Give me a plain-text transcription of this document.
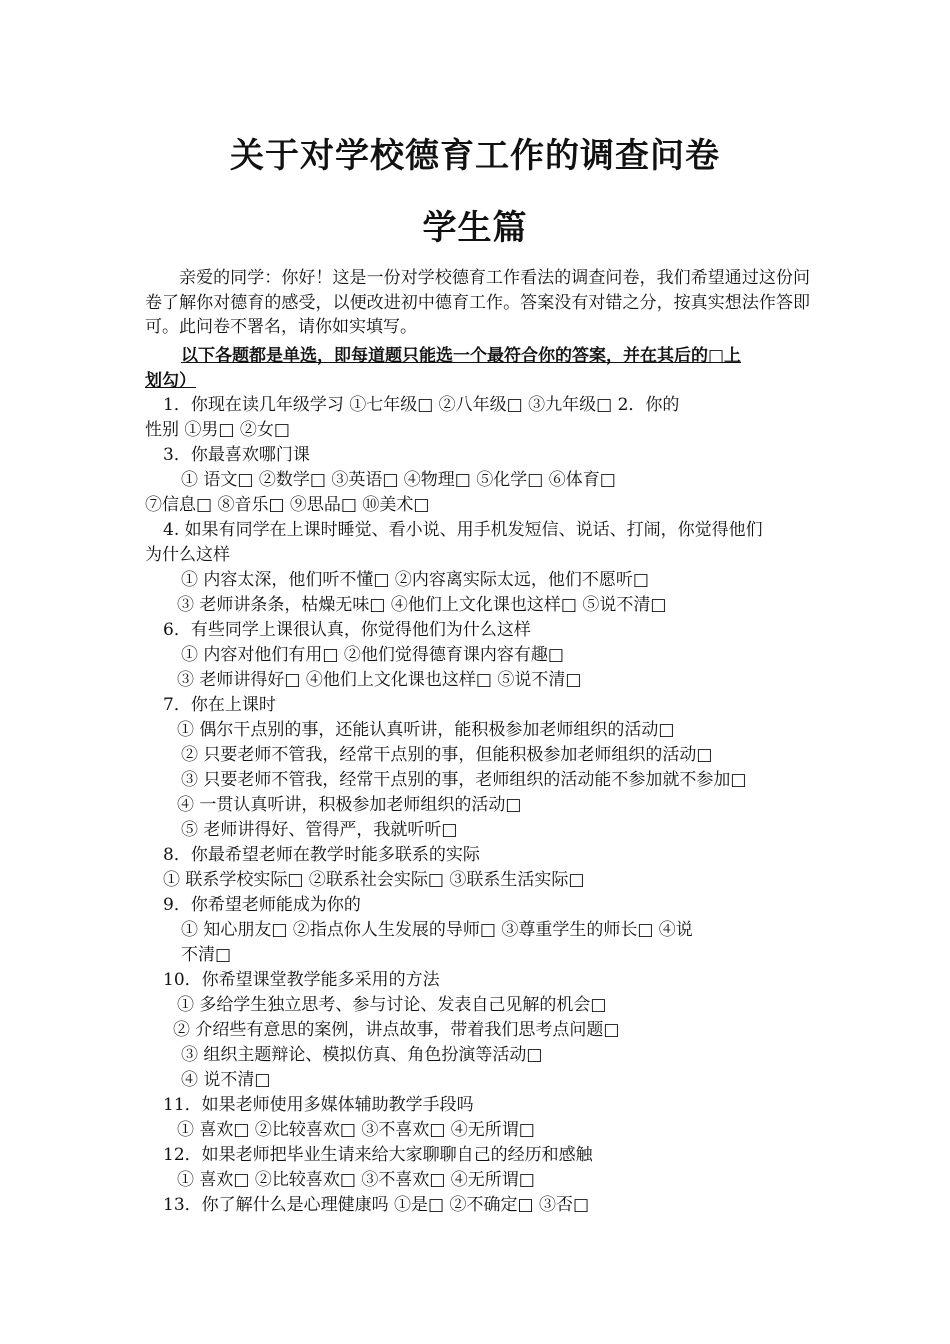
关于对学校德育工作的调查问卷
学生篇
亲爱的同学：你好！这是一份对学校德育工作看法的调查问卷，我们希望通过这份问卷了解你对德育的感受，以便改进初中德育工作。答案没有对错之分，按真实想法作答即可。此问卷不署名，请你如实填写。
以下各题都是单选，即每道题只能选一个最符合你的答案，并在其后的□上
划勾）
1．你现在读几年级学习 ①七年级□ ②八年级□ ③九年级□ 2．你的
性别 ①男□ ②女□
3．你最喜欢哪门课
① 语文□ ②数学□ ③英语□ ④物理□ ⑤化学□ ⑥体育□
⑦信息□ ⑧音乐□ ⑨思品□ ⑩美术□
4. 如果有同学在上课时睡觉、看小说、用手机发短信、说话、打闹，你觉得他们
为什么这样
① 内容太深，他们听不懂□ ②内容离实际太远，他们不愿听□
③ 老师讲条条，枯燥无味□ ④他们上文化课也这样□ ⑤说不清□
6．有些同学上课很认真，你觉得他们为什么这样
① 内容对他们有用□ ②他们觉得德育课内容有趣□
③ 老师讲得好□ ④他们上文化课也这样□ ⑤说不清□
7．你在上课时
① 偶尔干点别的事，还能认真听讲，能积极参加老师组织的活动□
② 只要老师不管我，经常干点别的事，但能积极参加老师组织的活动□
③ 只要老师不管我，经常干点别的事，老师组织的活动能不参加就不参加□
④ 一贯认真听讲，积极参加老师组织的活动□
⑤ 老师讲得好、管得严，我就听听□
8．你最希望老师在教学时能多联系的实际
① 联系学校实际□ ②联系社会实际□ ③联系生活实际□
9．你希望老师能成为你的
① 知心朋友□ ②指点你人生发展的导师□ ③尊重学生的师长□ ④说
不清□
10．你希望课堂教学能多采用的方法
① 多给学生独立思考、参与讨论、发表自己见解的机会□
② 介绍些有意思的案例，讲点故事，带着我们思考点问题□
③ 组织主题辩论、模拟仿真、角色扮演等活动□
④ 说不清□
11．如果老师使用多媒体辅助教学手段吗
① 喜欢□ ②比较喜欢□ ③不喜欢□ ④无所谓□
12．如果老师把毕业生请来给大家聊聊自己的经历和感触
① 喜欢□ ②比较喜欢□ ③不喜欢□ ④无所谓□
13．你了解什么是心理健康吗 ①是□ ②不确定□ ③否□
